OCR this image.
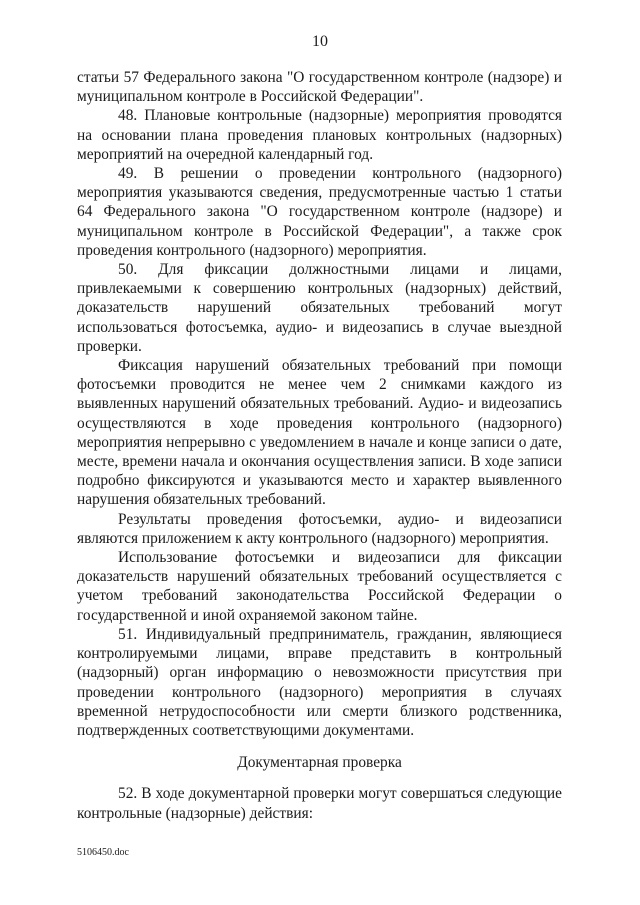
10

статьи 57 Федерального закона "О государственном контроле (надзоре) и муниципальном контроле в Российской Федерации".

48. Плановые контрольные (надзорные) мероприятия проводятся на основании плана проведения плановых контрольных (надзорных) мероприятий на очередной календарный год.

49. В решении о проведении контрольного (надзорного) мероприятия указываются сведения, предусмотренные частью 1 статьи 64 Федерального закона "О государственном контроле (надзоре) и муниципальном контроле в Российской Федерации", а также срок проведения контрольного (надзорного) мероприятия.

50. Для фиксации должностными лицами и лицами, привлекаемыми к совершению контрольных (надзорных) действий, доказательств нарушений обязательных требований могут использоваться фотосъемка, аудио- и видеозапись в случае выездной проверки.

Фиксация нарушений обязательных требований при помощи фотосъемки проводится не менее чем 2 снимками каждого из выявленных нарушений обязательных требований. Аудио- и видеозапись осуществляются в ходе проведения контрольного (надзорного) мероприятия непрерывно с уведомлением в начале и конце записи о дате, месте, времени начала и окончания осуществления записи. В ходе записи подробно фиксируются и указываются место и характер выявленного нарушения обязательных требований.

Результаты проведения фотосъемки, аудио- и видеозаписи являются приложением к акту контрольного (надзорного) мероприятия.

Использование фотосъемки и видеозаписи для фиксации доказательств нарушений обязательных требований осуществляется с учетом требований законодательства Российской Федерации о государственной и иной охраняемой законом тайне.

51. Индивидуальный предприниматель, гражданин, являющиеся контролируемыми лицами, вправе представить в контрольный (надзорный) орган информацию о невозможности присутствия при проведении контрольного (надзорного) мероприятия в случаях временной нетрудоспособности или смерти близкого родственника, подтвержденных соответствующими документами.

Документарная проверка

52. В ходе документарной проверки могут совершаться следующие контрольные (надзорные) действия:

5106450.doc
